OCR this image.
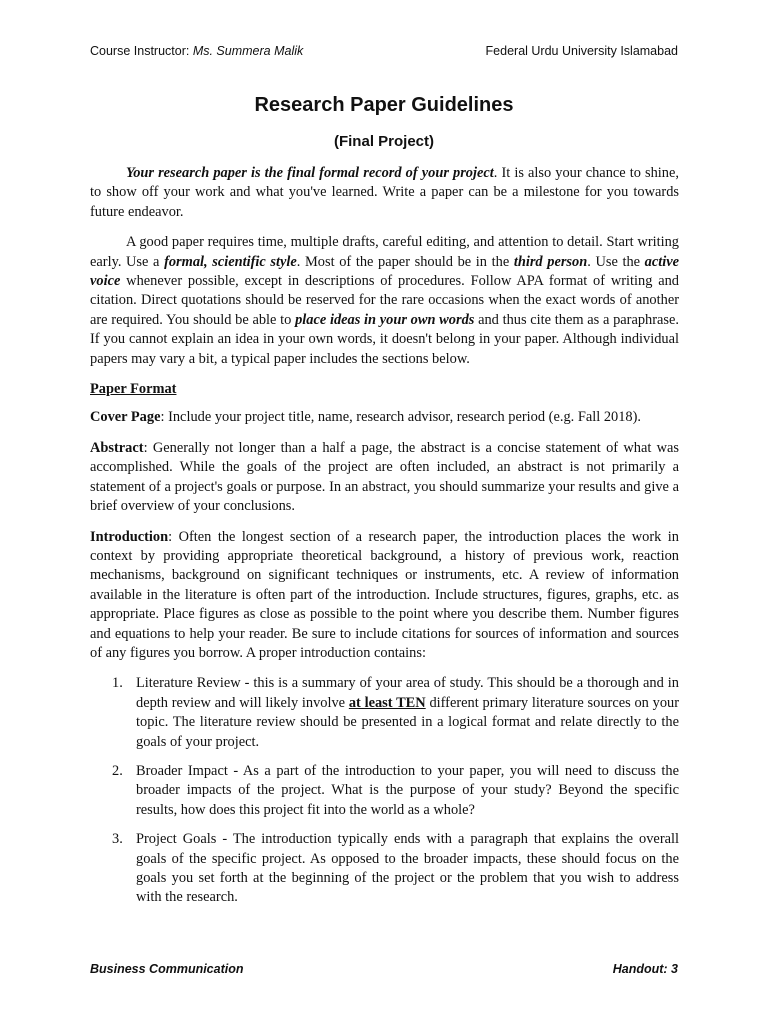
Course Instructor: Ms. Summera Malik	Federal Urdu University Islamabad
Research Paper Guidelines
(Final Project)

Your research paper is the final formal record of your project. It is also your chance to shine, to show off your work and what you've learned. Write a paper can be a milestone for you towards future endeavor.

A good paper requires time, multiple drafts, careful editing, and attention to detail. Start writing early. Use a formal, scientific style. Most of the paper should be in the third person. Use the active voice whenever possible, except in descriptions of procedures. Follow APA format of writing and citation. Direct quotations should be reserved for the rare occasions when the exact words of another are required. You should be able to place ideas in your own words and thus cite them as a paraphrase. If you cannot explain an idea in your own words, it doesn't belong in your paper. Although individual papers may vary a bit, a typical paper includes the sections below.

Paper Format

Cover Page: Include your project title, name, research advisor, research period (e.g. Fall 2018).

Abstract: Generally not longer than a half a page, the abstract is a concise statement of what was accomplished. While the goals of the project are often included, an abstract is not primarily a statement of a project's goals or purpose. In an abstract, you should summarize your results and give a brief overview of your conclusions.

Introduction: Often the longest section of a research paper, the introduction places the work in context by providing appropriate theoretical background, a history of previous work, reaction mechanisms, background on significant techniques or instruments, etc. A review of information available in the literature is often part of the introduction. Include structures, figures, graphs, etc. as appropriate. Place figures as close as possible to the point where you describe them. Number figures and equations to help your reader. Be sure to include citations for sources of information and sources of any figures you borrow. A proper introduction contains:

1. Literature Review - this is a summary of your area of study. This should be a thorough and in depth review and will likely involve at least TEN different primary literature sources on your topic. The literature review should be presented in a logical format and relate directly to the goals of your project.
2. Broader Impact - As a part of the introduction to your paper, you will need to discuss the broader impacts of the project. What is the purpose of your study? Beyond the specific results, how does this project fit into the world as a whole?
3. Project Goals - The introduction typically ends with a paragraph that explains the overall goals of the specific project. As opposed to the broader impacts, these should focus on the goals you set forth at the beginning of the project or the problem that you wish to address with the research.
Business Communication	Handout: 3
